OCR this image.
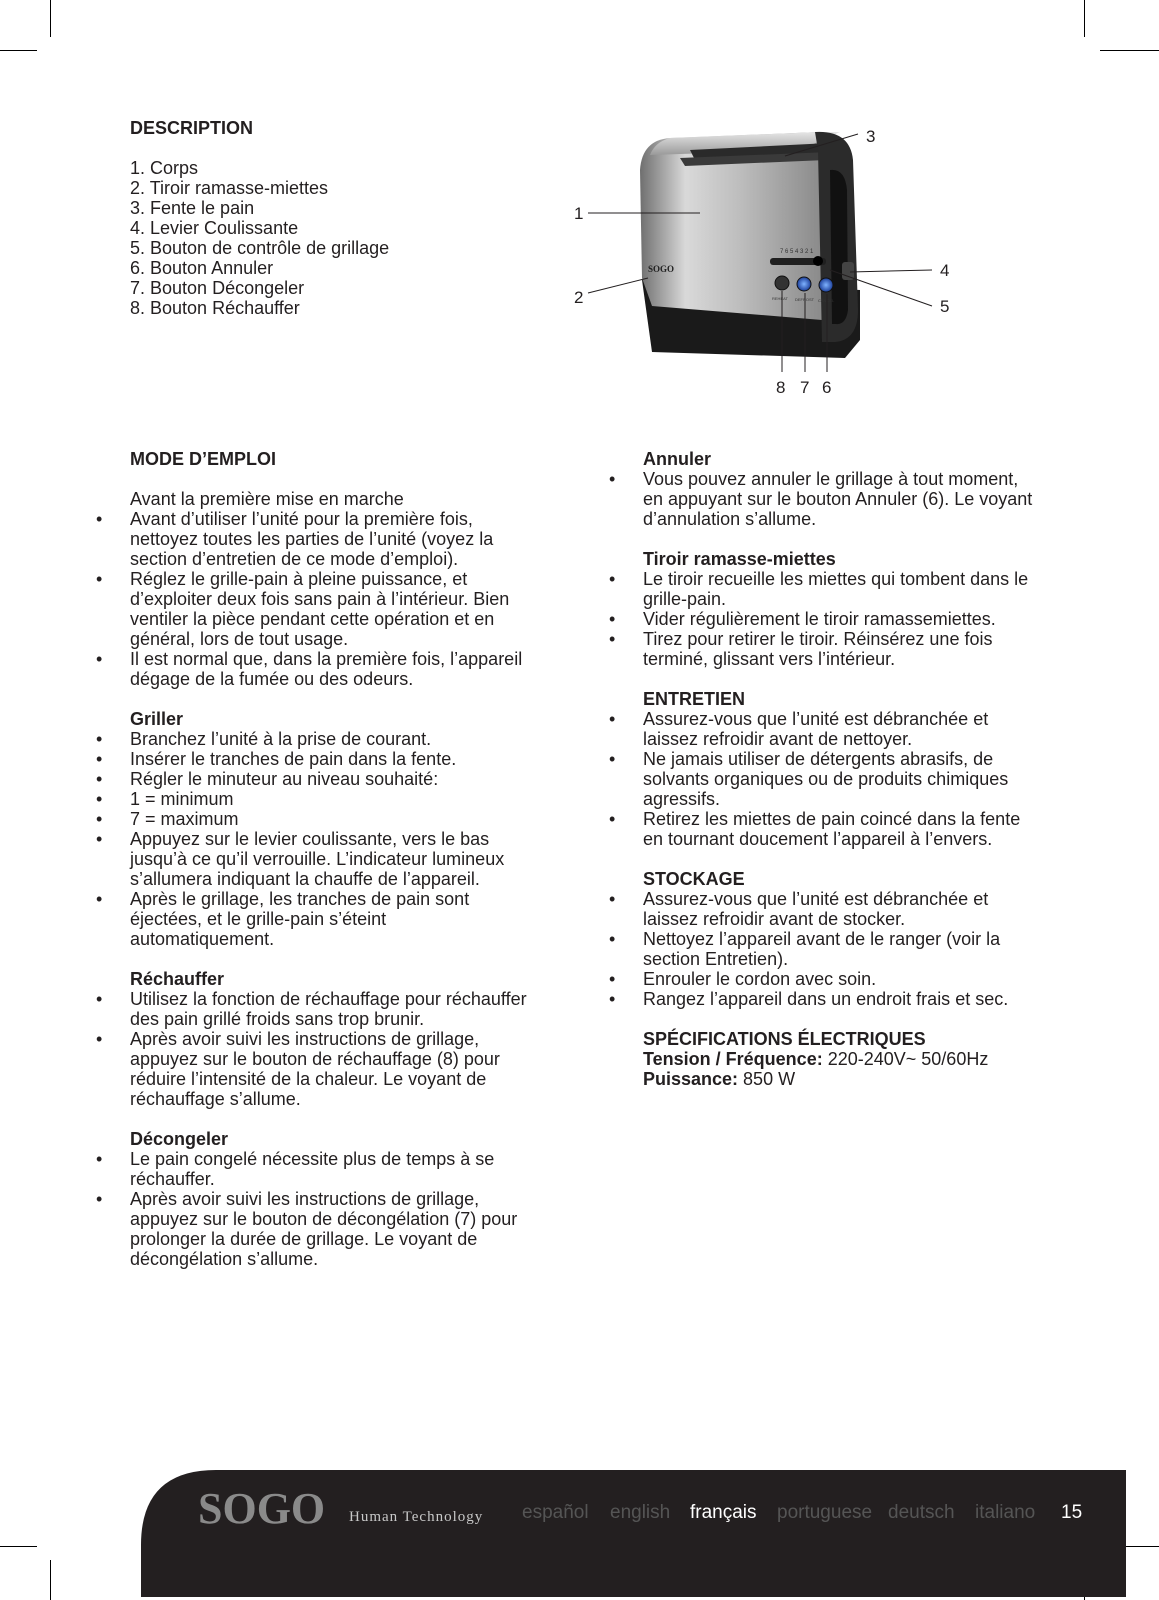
DESCRIPTION

1. Corps
2. Tiroir ramasse-miettes
3. Fente le pain
4. Levier Coulissante
5. Bouton de contrôle de grillage
6. Bouton Annuler
7. Bouton Décongeler
8. Bouton Réchauffer
7 6 5 4 3 2 1
REHEAT DEFROST CANCEL
SOGO
1
2
3
4
5
8 7 6

MODE D’EMPLOI

Avant la première mise en marche
• Avant d’utiliser l’unité pour la première fois, nettoyez toutes les parties de l’unité (voyez la section d’entretien de ce mode d’emploi).
• Réglez le grille-pain à pleine puissance, et d’exploiter deux fois sans pain à l’intérieur. Bien ventiler la pièce pendant cette opération et en général, lors de tout usage.
• Il est normal que, dans la première fois, l’appareil dégage de la fumée ou des odeurs.

Griller

• Branchez l’unité à la prise de courant.
• Insérer le tranches de pain dans la fente.
• Régler le minuteur au niveau souhaité:
• 1 = minimum
• 7 = maximum
• Appuyez sur le levier coulissante, vers le bas jusqu’à ce qu’il verrouille. L’indicateur lumineux s’allumera indiquant la chauffe de l’appareil.
• Après le grillage, les tranches de pain sont éjectées, et le grille-pain s’éteint automatiquement.

Réchauffer

• Utilisez la fonction de réchauffage pour réchauffer des pain grillé froids sans trop brunir.
• Après avoir suivi les instructions de grillage, appuyez sur le bouton de réchauffage (8) pour réduire l’intensité de la chaleur. Le voyant de réchauffage s’allume.

Décongeler

• Le pain congelé nécessite plus de temps à se réchauffer.
• Après avoir suivi les instructions de grillage, appuyez sur le bouton de décongélation (7) pour prolonger la durée de grillage. Le voyant de décongélation s’allume.

Annuler

• Vous pouvez annuler le grillage à tout moment, en appuyant sur le bouton Annuler (6). Le voyant d’annulation s’allume.

Tiroir ramasse-miettes

• Le tiroir recueille les miettes qui tombent dans le grille-pain.
• Vider régulièrement le tiroir ramassemiettes.
• Tirez pour retirer le tiroir. Réinsérez une fois terminé, glissant vers l’intérieur.

ENTRETIEN

• Assurez-vous que l’unité est débranchée et laissez refroidir avant de nettoyer.
• Ne jamais utiliser de détergents abrasifs, de solvants organiques ou de produits chimiques agressifs.
• Retirez les miettes de pain coincé dans la fente en tournant doucement l’appareil à l’envers.

STOCKAGE

• Assurez-vous que l’unité est débranchée et laissez refroidir avant de stocker.
• Nettoyez l’appareil avant de le ranger (voir la section Entretien).
• Enrouler le cordon avec soin.
• Rangez l’appareil dans un endroit frais et sec.

SPÉCIFICATIONS ÉLECTRIQUES

Tension / Fréquence: 220-240V~ 50/60Hz
Puissance: 850 W
SOGO Human Technology español english français portuguese deutsch italiano 15
